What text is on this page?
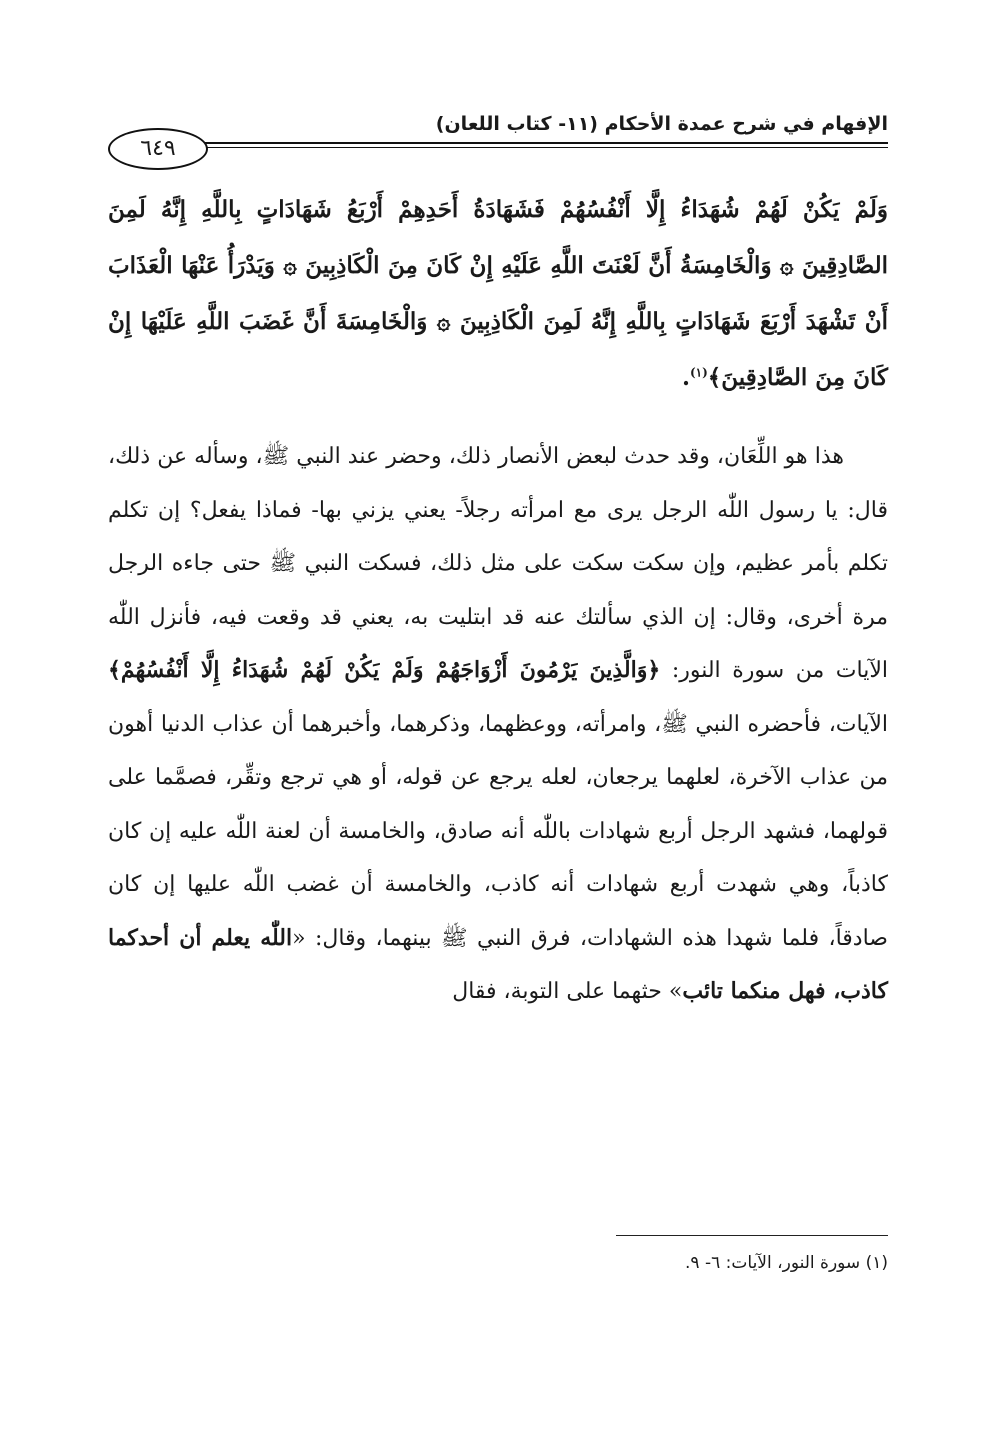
الإفهام في شرح عمدة الأحكام (١١- كتاب اللعان)
٦٤٩
وَلَمْ يَكُنْ لَهُمْ شُهَدَاءُ إِلَّا أَنْفُسُهُمْ فَشَهَادَةُ أَحَدِهِمْ أَرْبَعُ شَهَادَاتٍ بِاللَّهِ إِنَّهُ لَمِنَ الصَّادِقِينَ ۞ وَالْخَامِسَةُ أَنَّ لَعْنَتَ اللَّهِ عَلَيْهِ إِنْ كَانَ مِنَ الْكَاذِبِينَ ۞ وَيَدْرَأُ عَنْهَا الْعَذَابَ أَنْ تَشْهَدَ أَرْبَعَ شَهَادَاتٍ بِاللَّهِ إِنَّهُ لَمِنَ الْكَاذِبِينَ ۞ وَالْخَامِسَةَ أَنَّ غَضَبَ اللَّهِ عَلَيْهَا إِنْ كَانَ مِنَ الصَّادِقِينَ﴾$^{(١)}$.

هذا هو اللِّعَان، وقد حدث لبعض الأنصار ذلك، وحضر عند النبي ﷺ، وسأله عن ذلك، قال: يا رسول اللّٰه الرجل يرى مع امرأته رجلاً- يعني يزني بها- فماذا يفعل؟ إن تكلم تكلم بأمر عظيم، وإن سكت سكت على مثل ذلك، فسكت النبي ﷺ حتى جاءه الرجل مرة أخرى، وقال: إن الذي سألتك عنه قد ابتليت به، يعني قد وقعت فيه، فأنزل اللّٰه الآيات من سورة النور: ﴿وَالَّذِينَ يَرْمُونَ أَزْوَاجَهُمْ وَلَمْ يَكُنْ لَهُمْ شُهَدَاءُ إِلَّا أَنْفُسُهُمْ﴾ الآيات، فأحضره النبي ﷺ، وامرأته، ووعظهما، وذكرهما، وأخبرهما أن عذاب الدنيا أهون من عذاب الآخرة، لعلهما يرجعان، لعله يرجع عن قوله، أو هي ترجع وتقِّر، فصمَّما على قولهما، فشهد الرجل أربع شهادات باللّٰه أنه صادق، والخامسة أن لعنة اللّٰه عليه إن كان كاذباً، وهي شهدت أربع شهادات أنه كاذب، والخامسة أن غضب اللّٰه عليها إن كان صادقاً، فلما شهدا هذه الشهادات، فرق النبي ﷺ بينهما، وقال: «اللّٰه يعلم أن أحدكما كاذب، فهل منكما تائب» حثهما على التوبة، فقال

(١) سورة النور، الآيات: ٦- ٩.
